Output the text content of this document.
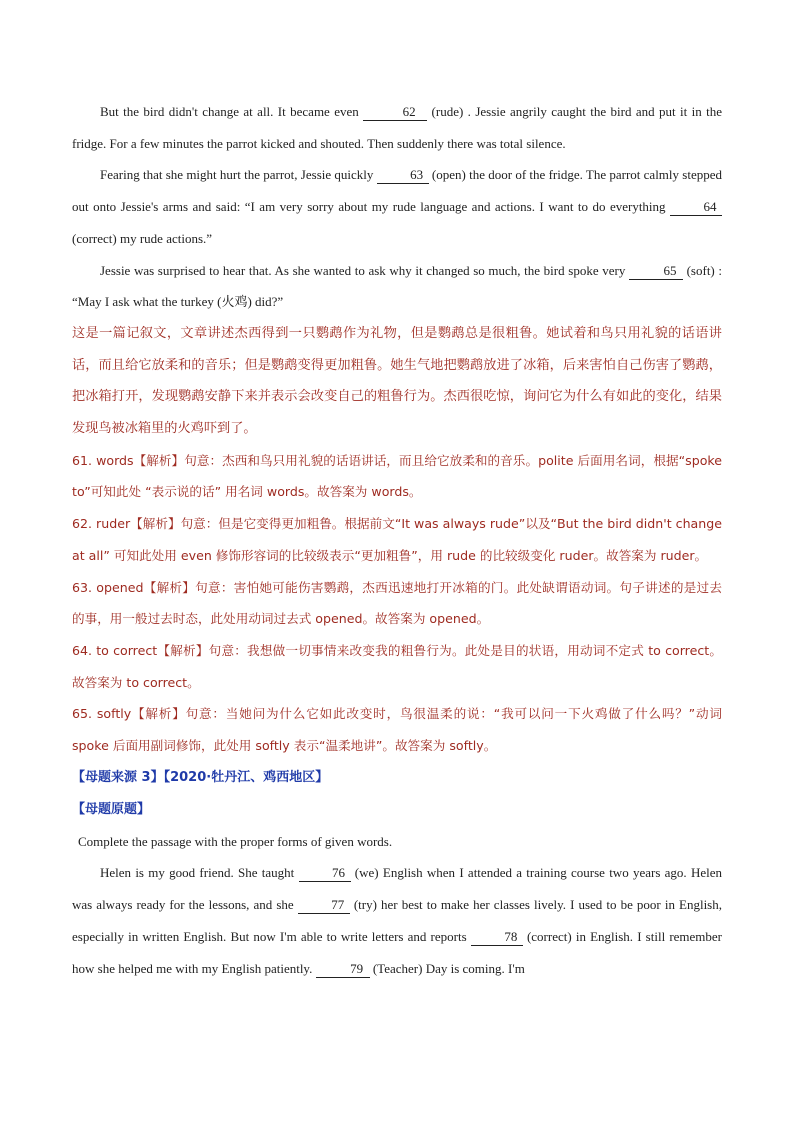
But the bird didn't change at all. It became even	62 (rude) . Jessie angrily caught the bird and put it in the fridge. For a few minutes the parrot kicked and shouted. Then suddenly there was total silence.

Fearing that she might hurt the parrot, Jessie quickly	63 (open) the door of the fridge. The parrot calmly stepped out onto Jessie's arms and said: “I am very sorry about my rude language and actions. I want to do everything	64 (correct) my rude actions.”

Jessie was surprised to hear that. As she wanted to ask why it changed so much, the bird spoke very	65 (soft) : “May I ask what the turkey (火鸡) did?”

这是一篇记叙文，文章讲述杰西得到一只鹦鹉作为礼物，但是鹦鹉总是很粗鲁。她试着和鸟只用礼貌的话语讲话，而且给它放柔和的音乐；但是鹦鹉变得更加粗鲁。她生气地把鹦鹉放进了冰箱，后来害怕自己伤害了鹦鹉，把冰箱打开，发现鹦鹉安静下来并表示会改变自己的粗鲁行为。杰西很吃惊，询问它为什么有如此的变化，结果发现鸟被冰箱里的火鸡吓到了。

61. words【解析】句意：杰西和鸟只用礼貌的话语讲话，而且给它放柔和的音乐。polite 后面用名词，根据“spoke to”可知此处 “表示说的话” 用名词 words。故答案为 words。

62. ruder【解析】句意：但是它变得更加粗鲁。根据前文“It was always rude”以及“But the bird didn't change at all” 可知此处用 even 修饰形容词的比较级表示“更加粗鲁”，用 rude 的比较级变化 ruder。故答案为 ruder。

63. opened【解析】句意：害怕她可能伤害鹦鹉，杰西迅速地打开冰箱的门。此处缺谓语动词。句子讲述的是过去的事，用一般过去时态，此处用动词过去式 opened。故答案为 opened。

64. to correct【解析】句意：我想做一切事情来改变我的粗鲁行为。此处是目的状语，用动词不定式 to correct。故答案为 to correct。

65. softly【解析】句意：当她问为什么它如此改变时，鸟很温柔的说：“我可以问一下火鸡做了什么吗？”动词 spoke 后面用副词修饰，此处用 softly 表示“温柔地讲”。故答案为 softly。

【母题来源 3】【2020·牡丹江、鸡西地区】

【母题原题】

Complete the passage with the proper forms of given words.

Helen is my good friend. She taught	76 (we) English when I attended a training course two years ago. Helen was always ready for the lessons, and she	77 (try) her best to make her classes lively. I used to be poor in English, especially in written English. But now I'm able to write letters and reports	78 (correct) in English. I still remember how she helped me with my English patiently.	79 (Teacher) Day is coming. I'm
